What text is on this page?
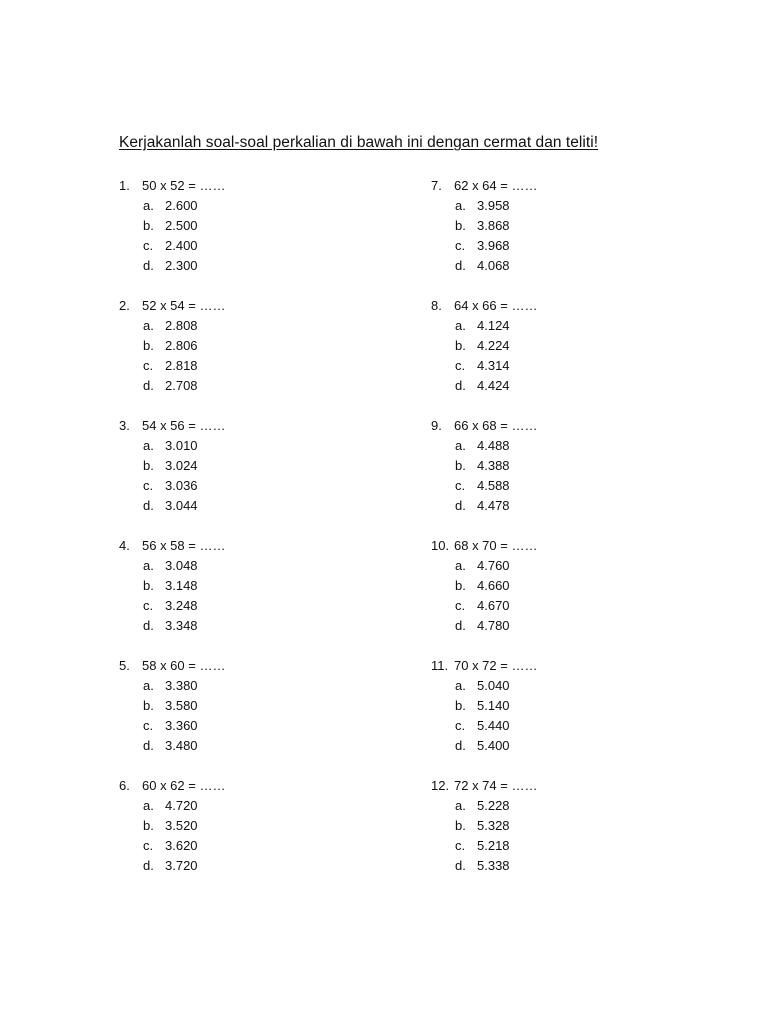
Kerjakanlah soal-soal perkalian di bawah ini dengan cermat dan teliti!
1. 50 x 52 = ……
a. 2.600
b. 2.500
c. 2.400
d. 2.300
2. 52 x 54 = ……
a. 2.808
b. 2.806
c. 2.818
d. 2.708
3. 54 x 56 = ……
a. 3.010
b. 3.024
c. 3.036
d. 3.044
4. 56 x 58 = ……
a. 3.048
b. 3.148
c. 3.248
d. 3.348
5. 58 x 60 = ……
a. 3.380
b. 3.580
c. 3.360
d. 3.480
6. 60 x 62 = ……
a. 4.720
b. 3.520
c. 3.620
d. 3.720
7. 62 x 64 = ……
a. 3.958
b. 3.868
c. 3.968
d. 4.068
8. 64 x 66 = ……
a. 4.124
b. 4.224
c. 4.314
d. 4.424
9. 66 x 68 = ……
a. 4.488
b. 4.388
c. 4.588
d. 4.478
10. 68 x 70 = ……
a. 4.760
b. 4.660
c. 4.670
d. 4.780
11. 70 x 72 = ……
a. 5.040
b. 5.140
c. 5.440
d. 5.400
12. 72 x 74 = ……
a. 5.228
b. 5.328
c. 5.218
d. 5.338
